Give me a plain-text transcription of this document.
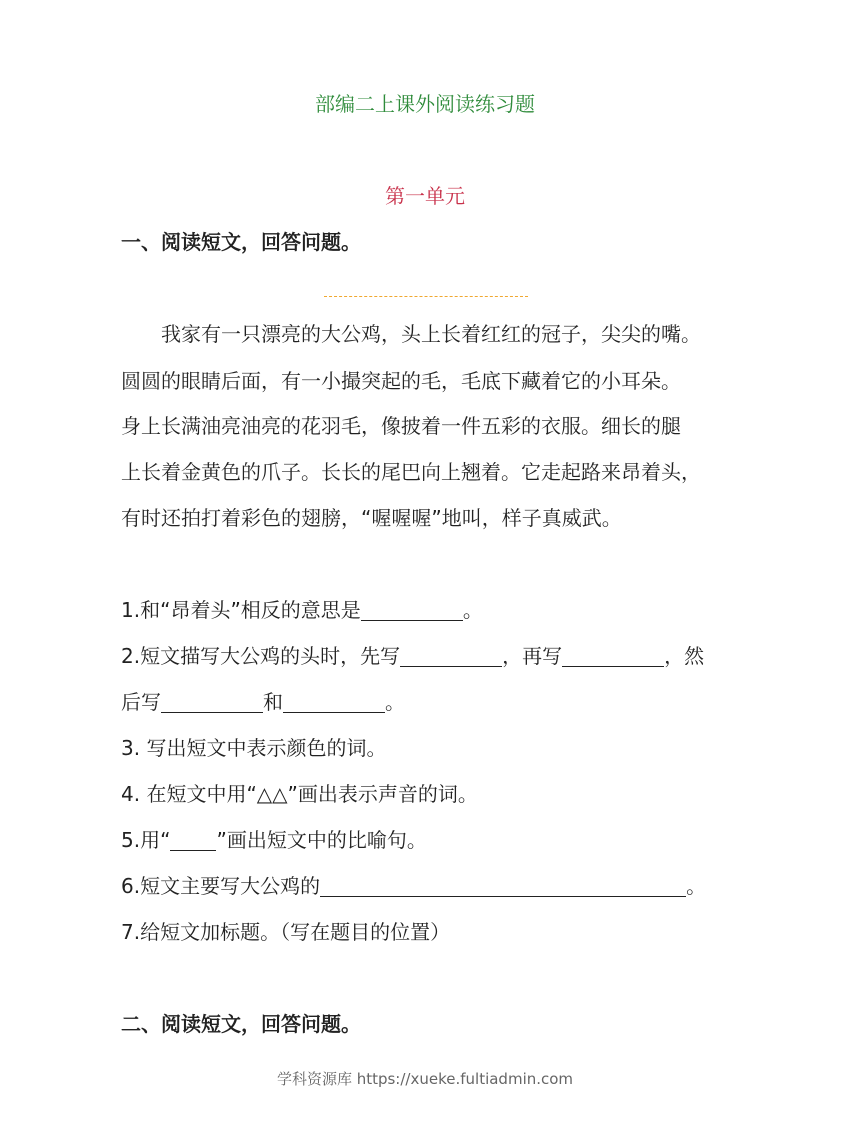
部编二上课外阅读练习题
第一单元
一、阅读短文，回答问题。
我家有一只漂亮的大公鸡，头上长着红红的冠子，尖尖的嘴。
圆圆的眼睛后面，有一小撮突起的毛，毛底下藏着它的小耳朵。
身上长满油亮油亮的花羽毛，像披着一件五彩的衣服。细长的腿
上长着金黄色的爪子。长长的尾巴向上翘着。它走起路来昂着头，
有时还拍打着彩色的翅膀，“喔喔喔”地叫，样子真威武。
1.和“昂着头”相反的意思是	。
2.短文描写大公鸡的头时，先写	，再写	，然
后写	和	。
3. 写出短文中表示颜色的词。
4. 在短文中用“△△”画出表示声音的词。
5.用“ ”画出短文中的比喻句。
6.短文主要写大公鸡的	。
7.给短文加标题。（写在题目的位置）
二、阅读短文，回答问题。
学科资源库 https://xueke.fultiadmin.com
